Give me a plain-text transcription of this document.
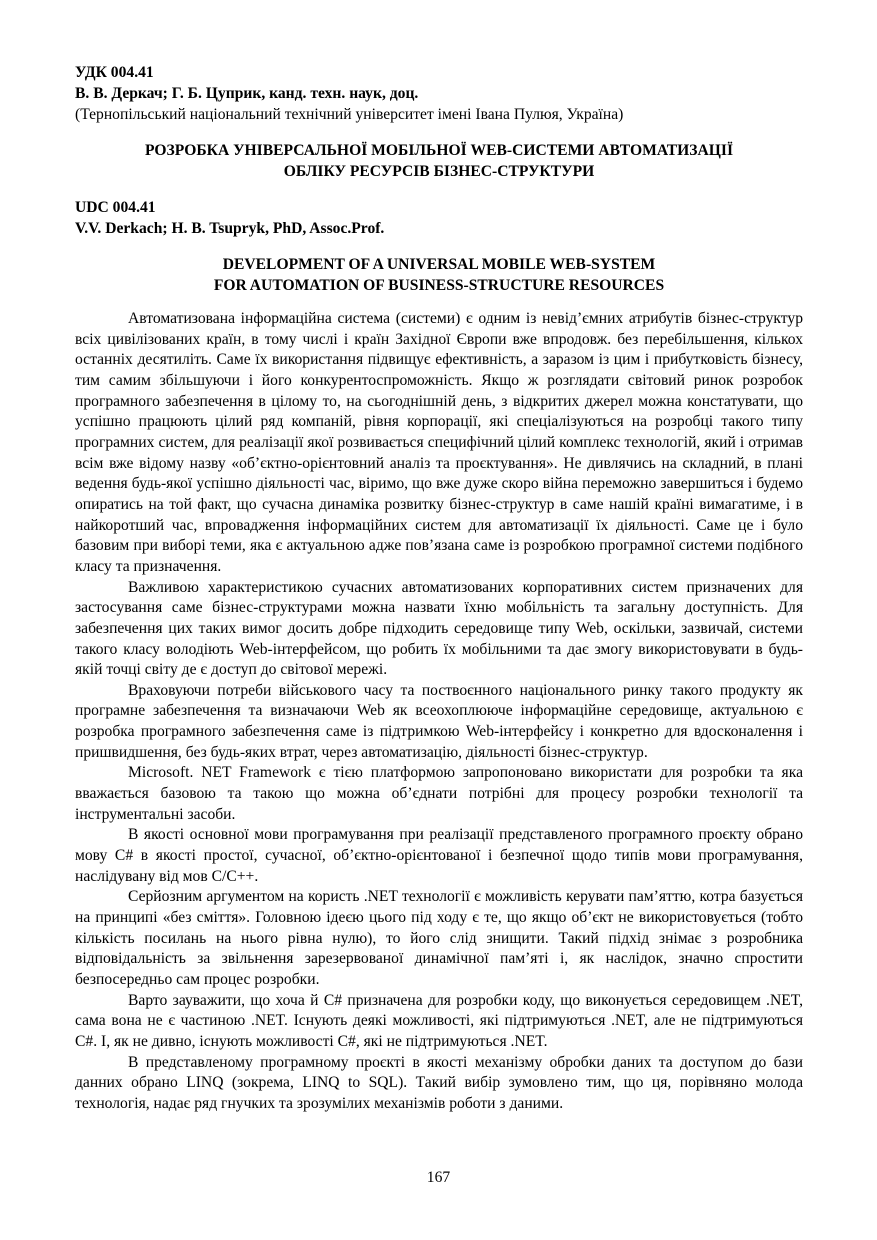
УДК 004.41

В. В. Деркач; Г. Б. Цуприк, канд. техн. наук, доц.

(Тернопільський національний технічний університет імені Івана Пулюя, Україна)

РОЗРОБКА УНІВЕРСАЛЬНОЇ МОБІЛЬНОЇ WEB-СИСТЕМИ АВТОМАТИЗАЦІЇ

ОБЛІКУ РЕСУРСІВ БІЗНЕС-СТРУКТУРИ

UDC 004.41

V.V. Derkach; H. B. Tsupryk, PhD, Assoc.Prof.

DEVELOPMENT OF A UNIVERSAL MOBILE WEB-SYSTEM

FOR AUTOMATION OF BUSINESS-STRUCTURE RESOURCES

Автоматизована інформаційна система (системи) є одним із невід’ємних атрибутів бізнес-структур всіх цивілізованих країн, в тому числі і країн Західної Європи вже впродовж. без перебільшення, кількох останніх десятиліть. Саме їх використання підвищує ефективність, а заразом із цим і прибутковість бізнесу, тим самим збільшуючи і його конкурентоспроможність. Якщо ж розглядати світовий ринок розробок програмного забезпечення в цілому то, на сьогоднішній день, з відкритих джерел можна констатувати, що успішно працюють цілий ряд компаній, рівня корпорації, які спеціалізуються на розробці такого типу програмних систем, для реалізації якої розвивається специфічний цілий комплекс технологій, який і отримав всім вже відому назву «об’єктно-орієнтовний аналіз та проєктування». Не дивлячись на складний, в плані ведення будь-якої успішно діяльності час, віримо, що вже дуже скоро війна переможно завершиться і будемо опиратись на той факт, що сучасна динаміка розвитку бізнес-структур в саме нашій країні вимагатиме, і в найкоротший час, впровадження інформаційних систем для автоматизації їх діяльності. Саме це і було базовим при виборі теми, яка є актуальною адже пов’язана саме із розробкою програмної системи подібного класу та призначення.

Важливою характеристикою сучасних автоматизованих корпоративних систем призначених для застосування саме бізнес-структурами можна назвати їхню мобільність та загальну доступність. Для забезпечення цих таких вимог досить добре підходить середовище типу Web, оскільки, зазвичай, системи такого класу володіють Web-інтерфейсом, що робить їх мобільними та дає змогу використовувати в будь-якій точці світу де є доступ до світової мережі.

Враховуючи потреби військового часу та поствоєнного національного ринку такого продукту як програмне забезпечення та визначаючи Web як всеохоплюючe інформаційне середовище, актуальною є розробка програмного забезпечення саме із підтримкою Web-інтерфейсу і конкретно для вдосконалення і пришвидшення, без будь-яких втрат, через автоматизацію, діяльності бізнес-структур.

Microsoft. NET Framework є тією платформою запропоновано використати для розробки та яка вважається базовою та такою що можна об’єднати потрібні для процесу розробки технології та інструментальні засоби.

В якості основної мови програмування при реалізації представленого програмного проєкту обрано мову C# в якості простої, сучасної, об’єктно-орієнтованої і безпечної щодо типів мови програмування, наслідувану від мов C/C++.

Серйозним аргументом на користь .NET технології є можливість керувати пам’яттю, котра базується на принципі «без сміття». Головною ідеєю цього під ходу є те, що якщо об’єкт не використовується (тобто кількість посилань на нього рівна нулю), то його слід знищити. Такий підхід знімає з розробника відповідальність за звільнення зарезервованої динамічної пам’яті і, як наслідок, значно спростити безпосередньо сам процес розробки.

Варто зауважити, що хоча й C# призначена для розробки коду, що виконується середовищем .NET, сама вона не є частиною .NET. Існують деякі можливості, які підтримуються .NET, але не підтримуються C#. І, як не дивно, існують можливості C#, які не підтримуються .NET.

В представленому програмному проєкті в якості механізму обробки даних та доступом до бази данних обрано LINQ (зокрема, LINQ to SQL). Такий вибір зумовлено тим, що ця, порівняно молода технологія, надає ряд гнучких та зрозумілих механізмів роботи з даними.

167
